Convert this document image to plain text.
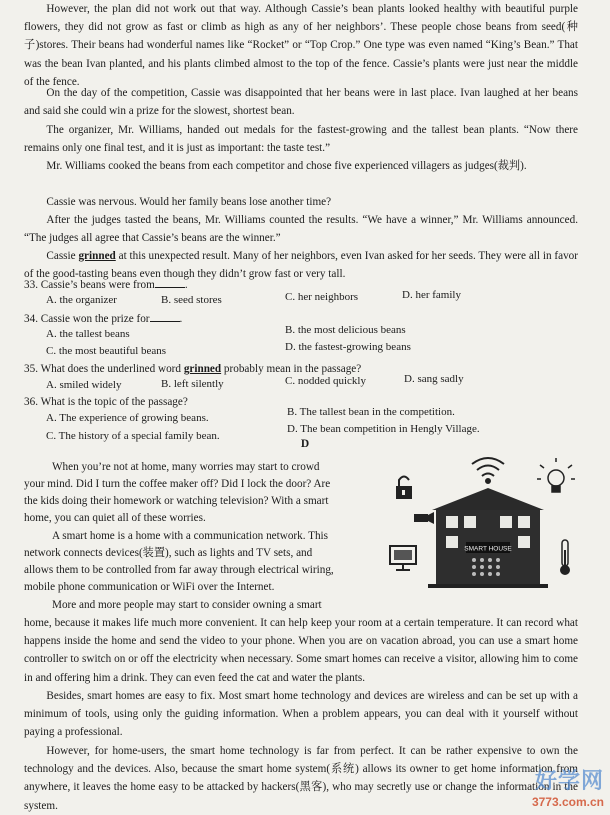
However, the plan did not work out that way. Although Cassie’s bean plants looked healthy with beautiful purple flowers, they did not grow as fast or climb as high as any of her neighbors’. These people chose beans from seed(种子)stores. Their beans had wonderful names like “Rocket” or “Top Crop.” One type was even named “King’s Bean.” That was the bean Ivan planted, and his plants climbed almost to the top of the fence. Cassie’s plants were just near the middle of the fence.
On the day of the competition, Cassie was disappointed that her beans were in last place. Ivan laughed at her beans and said she could win a prize for the slowest, shortest bean.
The organizer, Mr. Williams, handed out medals for the fastest-growing and the tallest bean plants. “Now there remains only one final test, and it is just as important: the taste test.”
Mr. Williams cooked the beans from each competitor and chose five experienced villagers as judges(裁判).
Cassie was nervous. Would her family beans lose another time?
After the judges tasted the beans, Mr. Williams counted the results. “We have a winner,” Mr. Williams announced. “The judges all agree that Cassie’s beans are the winner.”
Cassie grinned at this unexpected result. Many of her neighbors, even Ivan asked for her seeds. They were all in favor of the good-tasting beans even though they didn’t grow fast or very tall.
33. Cassie’s beans were from	.
A. the organizer	B. seed stores	C. her neighbors	D. her family
34. Cassie won the prize for	.
A. the tallest beans	B. the most delicious beans
C. the most beautiful beans	D. the fastest-growing beans
35. What does the underlined word grinned probably mean in the passage?
A. smiled widely	B. left silently	C. nodded quickly	D. sang sadly
36. What is the topic of the passage?
A. The experience of growing beans.	B. The tallest bean in the competition.
C. The history of a special family bean.
D. The bean competition in Hengly Village.
D
When you’re not at home, many worries may start to crowd
your mind. Did I turn the coffee maker off? Did I lock the door? Are
the kids doing their homework or watching television? With a smart
home, you can quiet all of these worries.
A smart home is a home with a communication network. This
network connects devices(装置), such as lights and TV sets, and
allows them to be controlled from far away through electrical wiring,
mobile phone communication or WiFi over the Internet.
More and more people may start to consider owning a smart
home, because it makes life much more convenient. It can help keep your room at a certain temperature. It can record what happens inside the home and send the video to your phone. When you are on vacation abroad, you can use a smart home controller to switch on or off the electricity when necessary. Some smart homes can receive a visitor, allowing him to come in and offering him a drink. They can even feed the cat and water the plants.
Besides, smart homes are easy to fix. Most smart home technology and devices are wireless and can be set up with a minimum of tools, using only the guiding information. When a problem appears, you can deal with it yourself without paying a professional.
However, for home-users, the smart home technology is far from perfect. It can be rather expensive to own the technology and the devices. Also, because the smart home system(系统) allows its owner to get home information from anywhere, it leaves the home easy to be attacked by hackers(黑客), who may secretly use or change the information in the system.
SMART HOUSE
好学网
3773.com.cn
